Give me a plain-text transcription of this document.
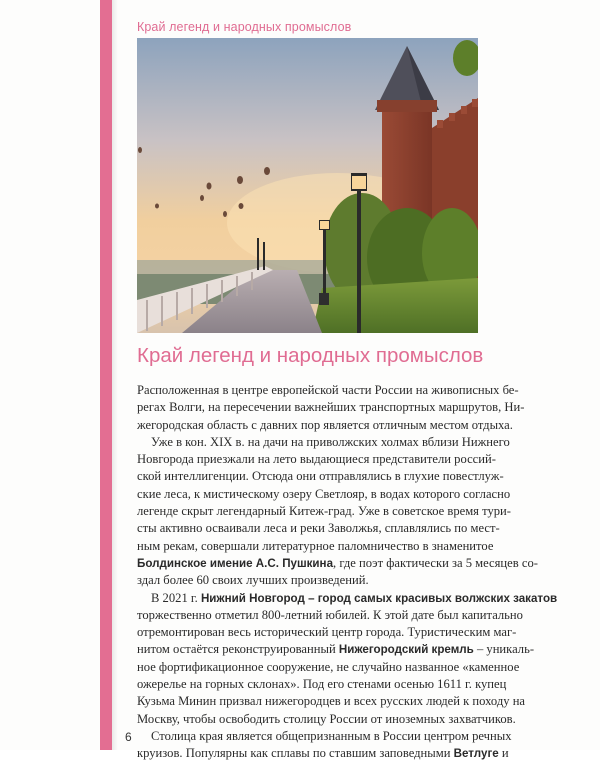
Край легенд и народных промыслов
Край легенд и народных промыслов

Расположенная в центре европейской части России на живописных бе-
регах Волги, на пересечении важнейших транспортных маршрутов, Ни-
жегородская область с давних пор является отличным местом отдыха.

Уже в кон. XIX в. на дачи на приволжских холмах вблизи Нижнего
Новгорода приезжали на лето выдающиеся представители россий-
ской интеллигенции. Отсюда они отправлялись в глухие повестлуж-
ские леса, к мистическому озеру Светлояр, в водах которого согласно
легенде скрыт легендарный Китеж-град. Уже в советское время тури-
сты активно осваивали леса и реки Заволжья, сплавлялись по мест-
ным рекам, совершали литературное паломничество в знаменитое
Болдинское имение А.С. Пушкина, где поэт фактически за 5 месяцев со-
здал более 60 своих лучших произведений.

В 2021 г. Нижний Новгород – город самых красивых волжских закатов
торжественно отметил 800-летний юбилей. К этой дате был капитально
отремонтирован весь исторический центр города. Туристическим маг-
нитом остаётся реконструированный Нижегородский кремль – уникаль-
ное фортификационное сооружение, не случайно названное «каменное
ожерелье на горных склонах». Под его стенами осенью 1611 г. купец
Кузьма Минин призвал нижегородцев и всех русских людей к походу на
Москву, чтобы освободить столицу России от иноземных захватчиков.

Столица края является общепризнанным в России центром речных
круизов. Популярны как сплавы по ставшим заповедными Ветлуге и

6
